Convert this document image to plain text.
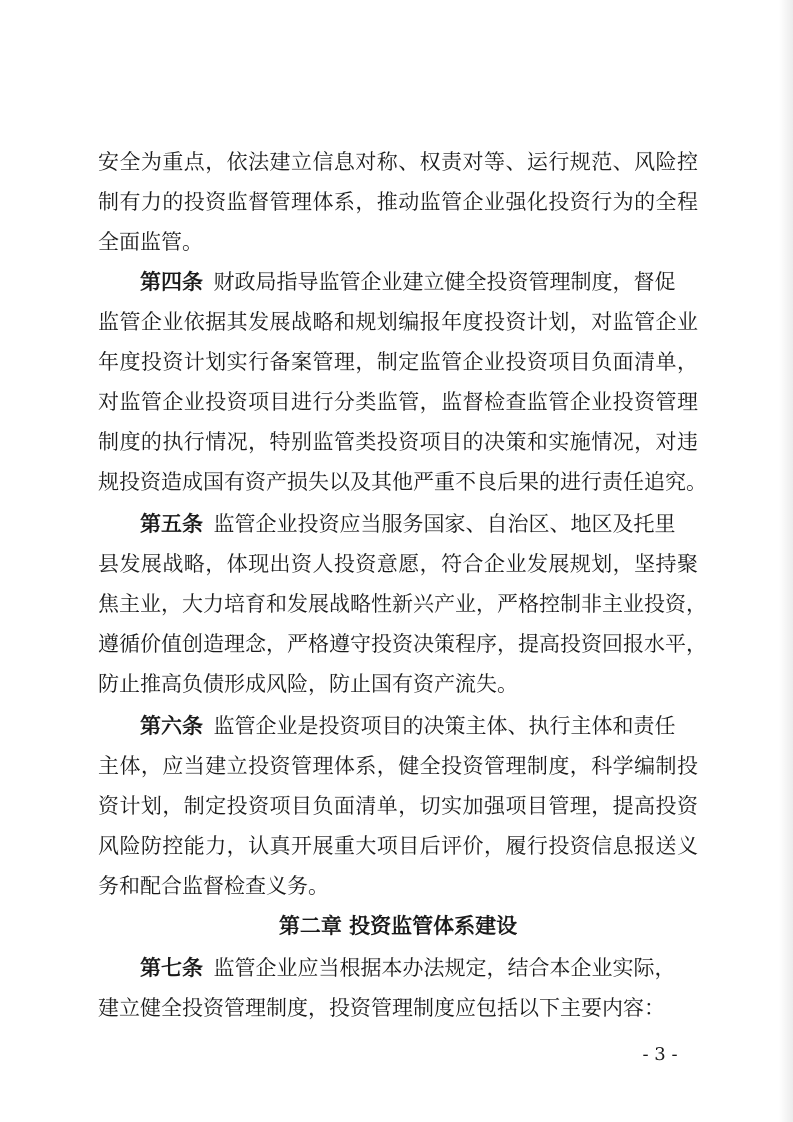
安全为重点，依法建立信息对称、权责对等、运行规范、风险控
制有力的投资监督管理体系，推动监管企业强化投资行为的全程
全面监管。
第四条  财政局指导监管企业建立健全投资管理制度，督促
监管企业依据其发展战略和规划编报年度投资计划，对监管企业
年度投资计划实行备案管理，制定监管企业投资项目负面清单，
对监管企业投资项目进行分类监管，监督检查监管企业投资管理
制度的执行情况，特别监管类投资项目的决策和实施情况，对违
规投资造成国有资产损失以及其他严重不良后果的进行责任追究。
第五条  监管企业投资应当服务国家、自治区、地区及托里
县发展战略，体现出资人投资意愿，符合企业发展规划，坚持聚
焦主业，大力培育和发展战略性新兴产业，严格控制非主业投资，
遵循价值创造理念，严格遵守投资决策程序，提高投资回报水平，
防止推高负债形成风险，防止国有资产流失。
第六条  监管企业是投资项目的决策主体、执行主体和责任
主体，应当建立投资管理体系，健全投资管理制度，科学编制投
资计划，制定投资项目负面清单，切实加强项目管理，提高投资
风险防控能力，认真开展重大项目后评价，履行投资信息报送义
务和配合监督检查义务。
第二章 投资监管体系建设
第七条  监管企业应当根据本办法规定，结合本企业实际，
建立健全投资管理制度，投资管理制度应包括以下主要内容：
- 3 -
